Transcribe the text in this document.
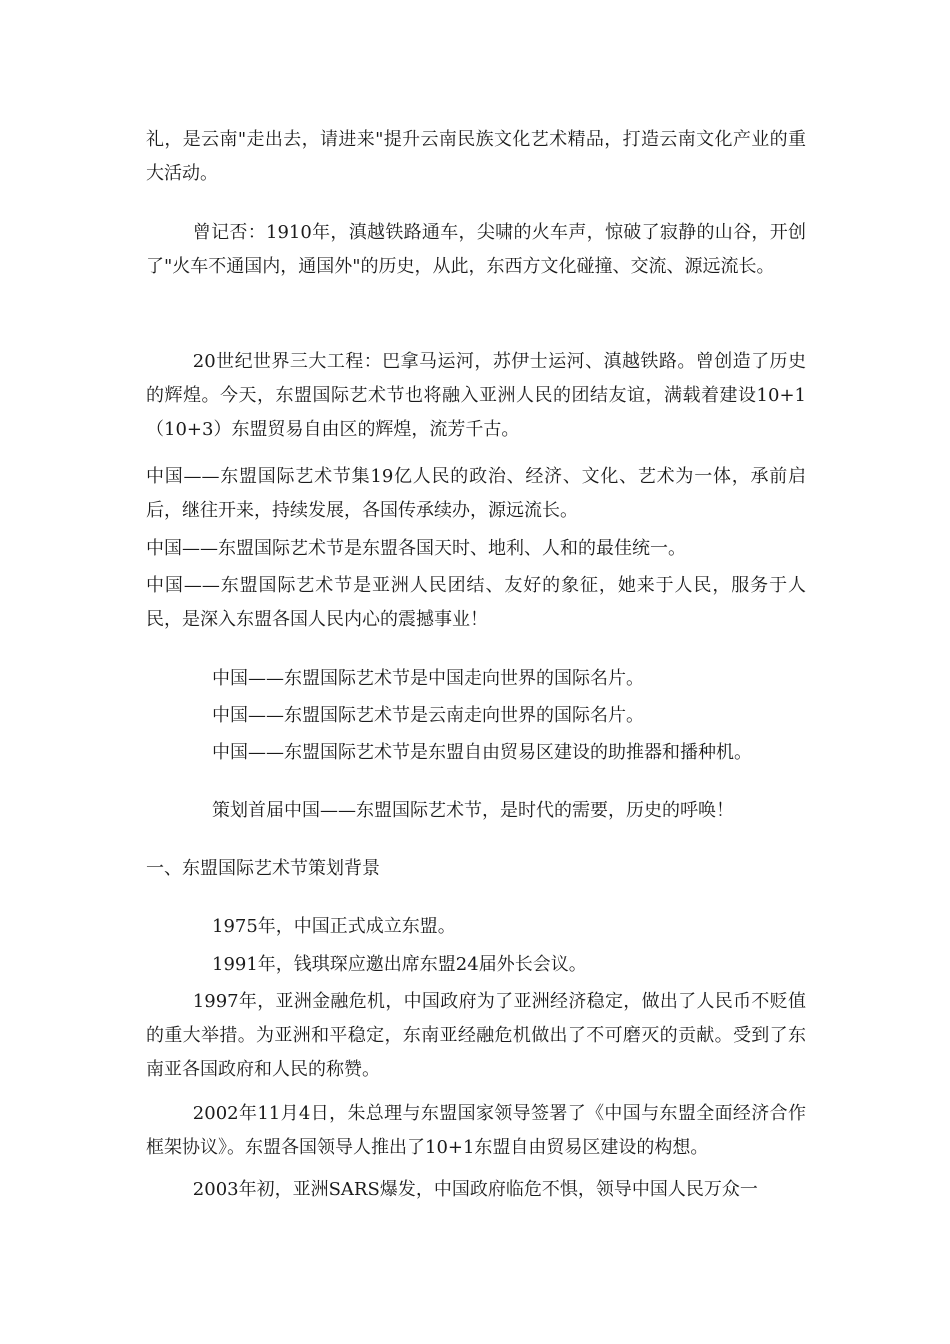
礼，是云南"走出去，请进来"提升云南民族文化艺术精品，打造云南文化产业的重大活动。

曾记否：1910年，滇越铁路通车，尖啸的火车声，惊破了寂静的山谷，开创了"火车不通国内，通国外"的历史，从此，东西方文化碰撞、交流、源远流长。

20世纪世界三大工程：巴拿马运河，苏伊士运河、滇越铁路。曾创造了历史的辉煌。今天，东盟国际艺术节也将融入亚洲人民的团结友谊，满载着建设10+1（10+3）东盟贸易自由区的辉煌，流芳千古。

中国——东盟国际艺术节集19亿人民的政治、经济、文化、艺术为一体，承前启后，继往开来，持续发展，各国传承续办，源远流长。

中国——东盟国际艺术节是东盟各国天时、地利、人和的最佳统一。

中国——东盟国际艺术节是亚洲人民团结、友好的象征，她来于人民，服务于人民，是深入东盟各国人民内心的震撼事业！

中国——东盟国际艺术节是中国走向世界的国际名片。

中国——东盟国际艺术节是云南走向世界的国际名片。

中国——东盟国际艺术节是东盟自由贸易区建设的助推器和播种机。

策划首届中国——东盟国际艺术节，是时代的需要，历史的呼唤！

一、东盟国际艺术节策划背景

1975年，中国正式成立东盟。

1991年，钱琪琛应邀出席东盟24届外长会议。

1997年，亚洲金融危机，中国政府为了亚洲经济稳定，做出了人民币不贬值的重大举措。为亚洲和平稳定，东南亚经融危机做出了不可磨灭的贡献。受到了东南亚各国政府和人民的称赞。

2002年11月4日，朱总理与东盟国家领导签署了《中国与东盟全面经济合作框架协议》。东盟各国领导人推出了10+1东盟自由贸易区建设的构想。

2003年初，亚洲SARS爆发，中国政府临危不惧，领导中国人民万众一
